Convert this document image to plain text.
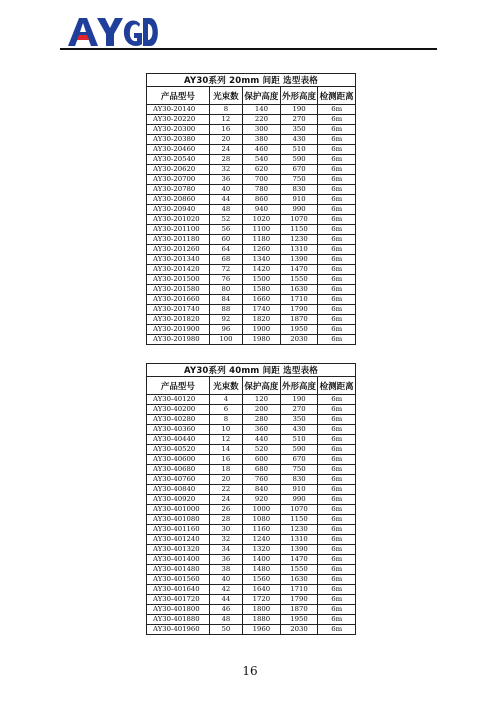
AY30系列 20mm 间距 选型表格				
产品型号	光束数	保护高度	外形高度	检测距离
AY30-20140	8	140	190	6m
AY30-20220	12	220	270	6m
AY30-20300	16	300	350	6m
AY30-20380	20	380	430	6m
AY30-20460	24	460	510	6m
AY30-20540	28	540	590	6m
AY30-20620	32	620	670	6m
AY30-20700	36	700	750	6m
AY30-20780	40	780	830	6m
AY30-20860	44	860	910	6m
AY30-20940	48	940	990	6m
AY30-201020	52	1020	1070	6m
AY30-201100	56	1100	1150	6m
AY30-201180	60	1180	1230	6m
AY30-201260	64	1260	1310	6m
AY30-201340	68	1340	1390	6m
AY30-201420	72	1420	1470	6m
AY30-201500	76	1500	1550	6m
AY30-201580	80	1580	1630	6m
AY30-201660	84	1660	1710	6m
AY30-201740	88	1740	1790	6m
AY30-201820	92	1820	1870	6m
AY30-201900	96	1900	1950	6m
AY30-201980	100	1980	2030	6m
AY30系列 40mm 间距 选型表格				
产品型号	光束数	保护高度	外形高度	检测距离
AY30-40120	4	120	190	6m
AY30-40200	6	200	270	6m
AY30-40280	8	280	350	6m
AY30-40360	10	360	430	6m
AY30-40440	12	440	510	6m
AY30-40520	14	520	590	6m
AY30-40600	16	600	670	6m
AY30-40680	18	680	750	6m
AY30-40760	20	760	830	6m
AY30-40840	22	840	910	6m
AY30-40920	24	920	990	6m
AY30-401000	26	1000	1070	6m
AY30-401080	28	1080	1150	6m
AY30-401160	30	1160	1230	6m
AY30-401240	32	1240	1310	6m
AY30-401320	34	1320	1390	6m
AY30-401400	36	1400	1470	6m
AY30-401480	38	1480	1550	6m
AY30-401560	40	1560	1630	6m
AY30-401640	42	1640	1710	6m
AY30-401720	44	1720	1790	6m
AY30-401800	46	1800	1870	6m
AY30-401880	48	1880	1950	6m
AY30-401960	50	1960	2030	6m
16
